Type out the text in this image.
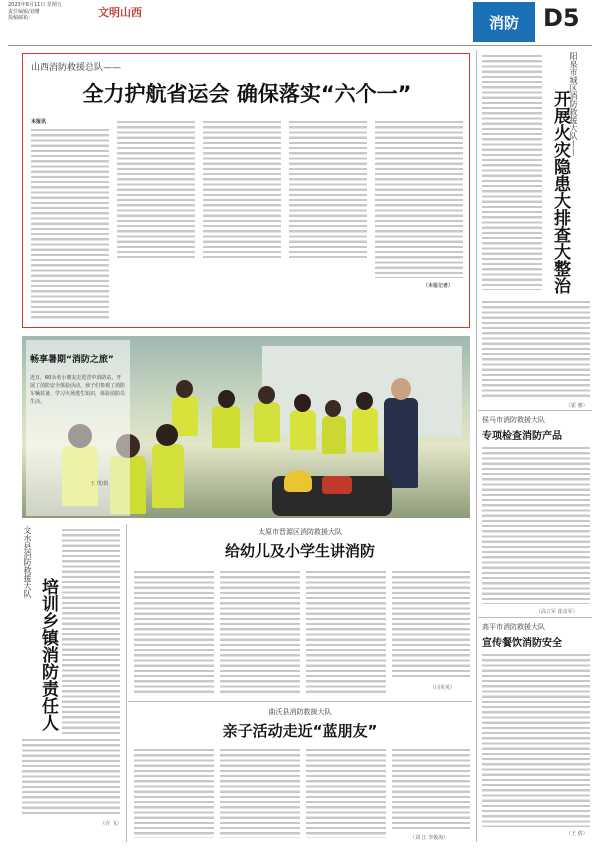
2023年8月11日 星期五
责任编辑/刘珊
投稿邮箱：	文明山西
消防	D5
山西消防救援总队——
全力护航省运会 确保落实“六个一”
本报讯
（本报记者）
畅享暑期“消防之旅”
近日，60余名小朋友走进晋中消防站，开展了消防安全体验活动。孩子们参观了消防车辆装备，学习火场逃生知识，体验消防员生活。
王 璞/摄
文水县消防救援大队
培训乡镇消防责任人
（许 飞）
太原市晋源区消防救援大队
给幼儿及小学生讲消防
（闫英英）
曲沃县消防救援大队
亲子活动走近“蓝朋友”
（刘 江 李俊海）
阳泉市城区消防救援大队——
开展火灾隐患大排查大整治
（霍 雅）
侯马市消防救援大队
专项检查消防产品
（高立军 崔彦军）
高平市消防救援大队
宣传餐饮消防安全
（王 倩）
